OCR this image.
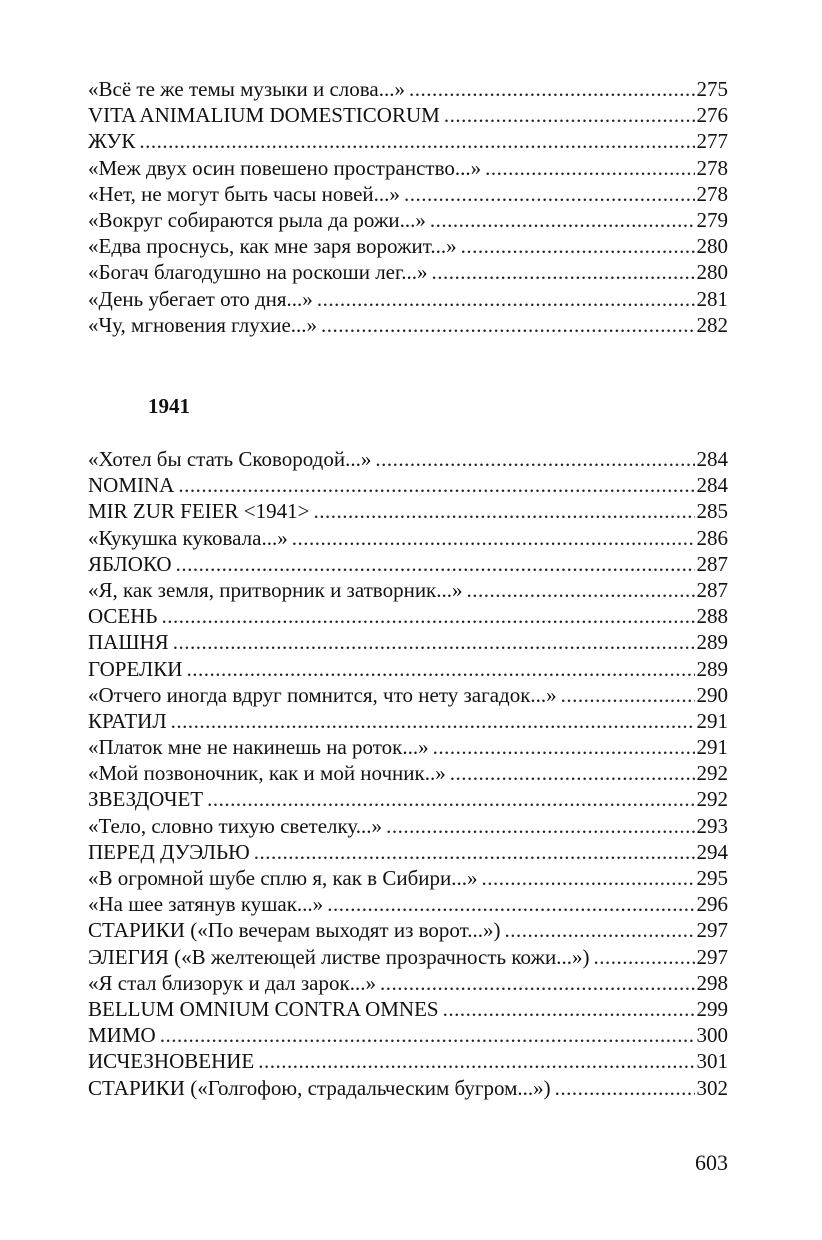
«Всё те же темы музыки и слова...» .....	275
VITA ANIMALIUM DOMESTICORUM .....	276
ЖУК .....	277
«Меж двух осин повешено пространство...» .....	278
«Нет, не могут быть часы новей...» .....	278
«Вокруг собираются рыла да рожи...» .....	279
«Едва проснусь, как мне заря ворожит...» .....	280
«Богач благодушно на роскоши лег...» .....	280
«День убегает ото дня...» .....	281
«Чу, мгновения глухие...» .....	282
1941
«Хотел бы стать Сковородой...» .....	284
NOMINA .....	284
MIR ZUR FEIER <1941> .....	285
«Кукушка куковала...» .....	286
ЯБЛОКО .....	287
«Я, как земля, притворник и затворник...» .....	287
ОСЕНЬ .....	288
ПАШНЯ .....	289
ГОРЕЛКИ .....	289
«Отчего иногда вдруг помнится, что нету загадок...» .....	290
КРАТИЛ .....	291
«Платок мне не накинешь на роток...» .....	291
«Мой позвоночник, как и мой ночник..» .....	292
ЗВЕЗДОЧЕТ .....	292
«Тело, словно тихую светелку...» .....	293
ПЕРЕД ДУЭЛЬЮ .....	294
«В огромной шубе сплю я, как в Сибири...» .....	295
«На шее затянув кушак...» .....	296
СТАРИКИ («По вечерам выходят из ворот...») .....	297
ЭЛЕГИЯ («В желтеющей листве прозрачность кожи...») .....	297
«Я стал близорук и дал зарок...» .....	298
BELLUM OMNIUM CONTRA OMNES .....	299
МИМО .....	300
ИСЧЕЗНОВЕНИЕ .....	301
СТАРИКИ («Голгофою, страдальческим бугром...») .....	302
603
